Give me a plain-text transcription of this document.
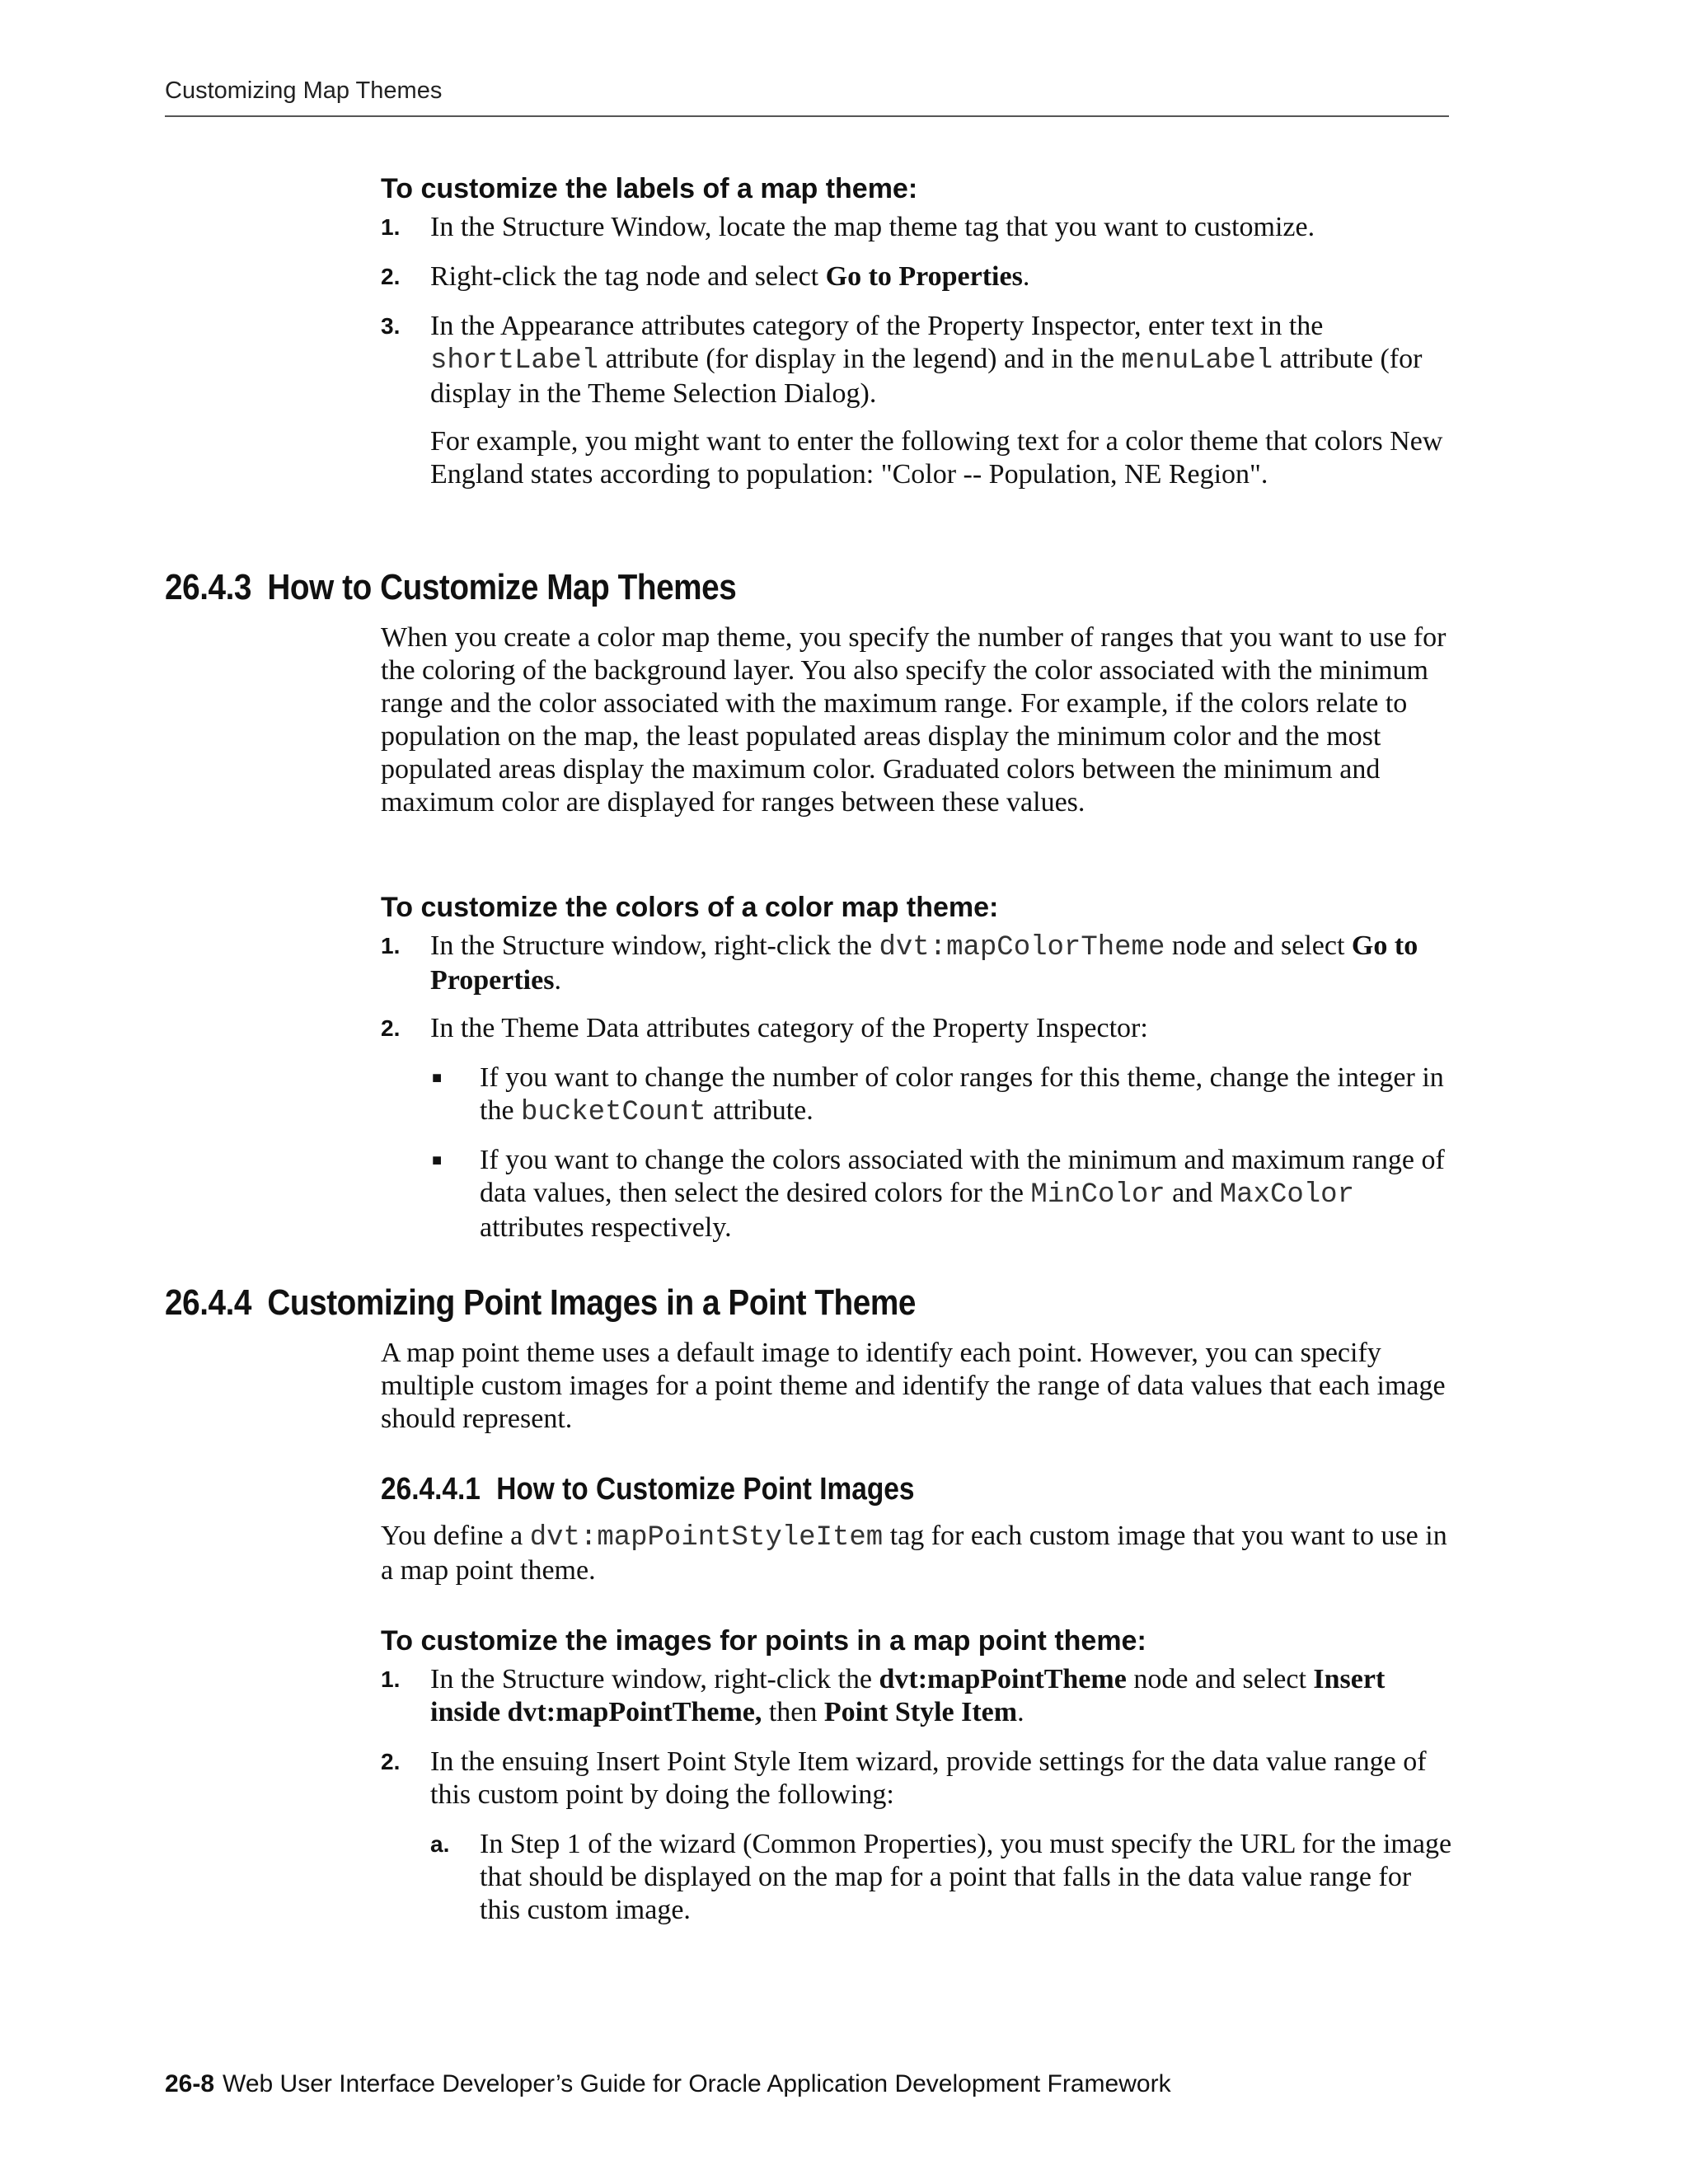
Customizing Map Themes
To customize the labels of a map theme:
1. In the Structure Window, locate the map theme tag that you want to customize.
2. Right-click the tag node and select Go to Properties.
3. In the Appearance attributes category of the Property Inspector, enter text in the shortLabel attribute (for display in the legend) and in the menuLabel attribute (for display in the Theme Selection Dialog).
For example, you might want to enter the following text for a color theme that colors New England states according to population: "Color -- Population, NE Region".
26.4.3 How to Customize Map Themes
When you create a color map theme, you specify the number of ranges that you want to use for the coloring of the background layer. You also specify the color associated with the minimum range and the color associated with the maximum range. For example, if the colors relate to population on the map, the least populated areas display the minimum color and the most populated areas display the maximum color. Graduated colors between the minimum and maximum color are displayed for ranges between these values.
To customize the colors of a color map theme:
1. In the Structure window, right-click the dvt:mapColorTheme node and select Go to Properties.
2. In the Theme Data attributes category of the Property Inspector:
■ If you want to change the number of color ranges for this theme, change the integer in the bucketCount attribute.
■ If you want to change the colors associated with the minimum and maximum range of data values, then select the desired colors for the MinColor and MaxColor attributes respectively.
26.4.4 Customizing Point Images in a Point Theme
A map point theme uses a default image to identify each point. However, you can specify multiple custom images for a point theme and identify the range of data values that each image should represent.
26.4.4.1 How to Customize Point Images
You define a dvt:mapPointStyleItem tag for each custom image that you want to use in a map point theme.
To customize the images for points in a map point theme:
1. In the Structure window, right-click the dvt:mapPointTheme node and select Insert inside dvt:mapPointTheme, then Point Style Item.
2. In the ensuing Insert Point Style Item wizard, provide settings for the data value range of this custom point by doing the following:
a. In Step 1 of the wizard (Common Properties), you must specify the URL for the image that should be displayed on the map for a point that falls in the data value range for this custom image.
26-8 Web User Interface Developer’s Guide for Oracle Application Development Framework
